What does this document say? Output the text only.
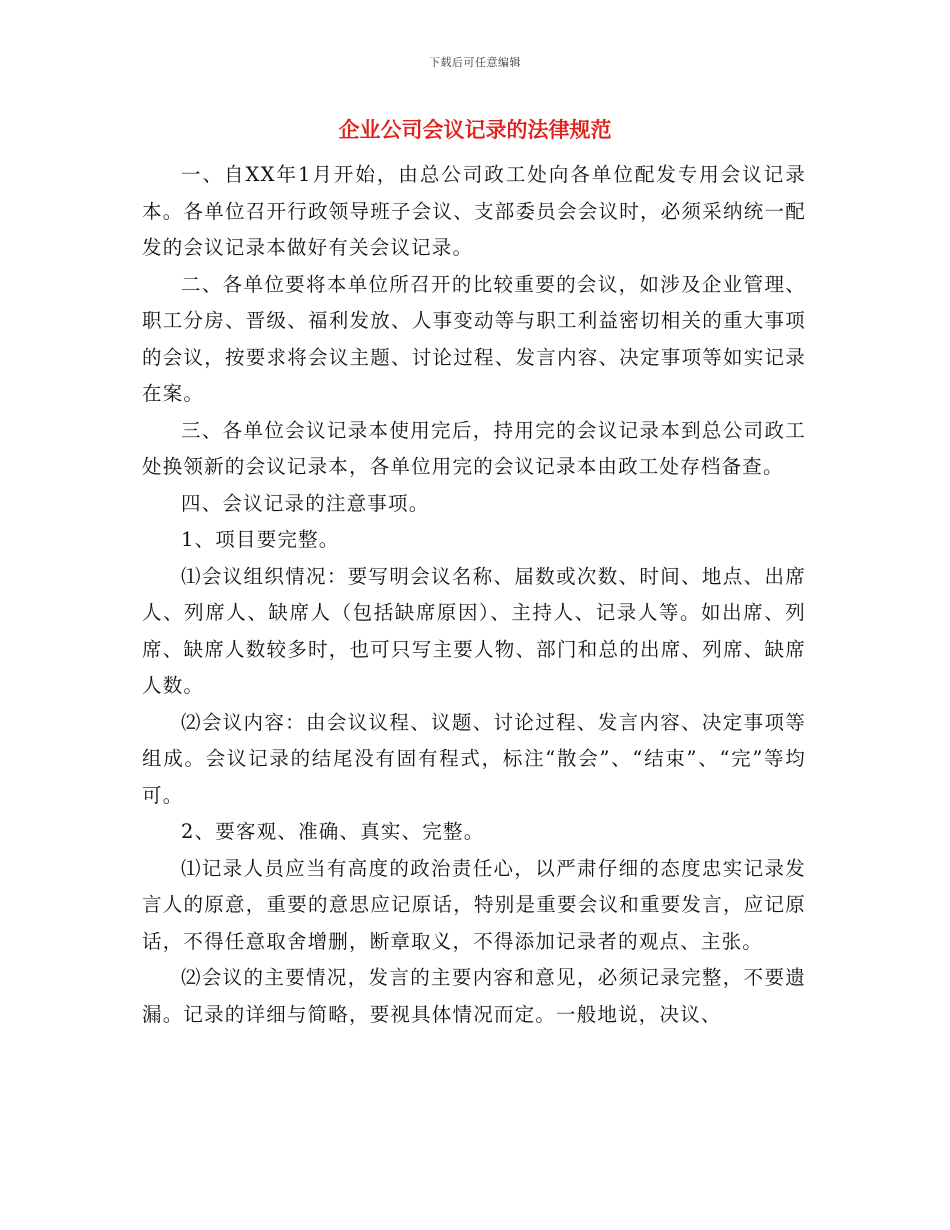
下载后可任意编辑
企业公司会议记录的法律规范

一、自XX年1月开始，由总公司政工处向各单位配发专用会议记录本。各单位召开行政领导班子会议、支部委员会会议时，必须采纳统一配发的会议记录本做好有关会议记录。

二、各单位要将本单位所召开的比较重要的会议，如涉及企业管理、职工分房、晋级、福利发放、人事变动等与职工利益密切相关的重大事项的会议，按要求将会议主题、讨论过程、发言内容、决定事项等如实记录在案。

三、各单位会议记录本使用完后，持用完的会议记录本到总公司政工处换领新的会议记录本，各单位用完的会议记录本由政工处存档备查。

四、会议记录的注意事项。

1、项目要完整。

⑴会议组织情况：要写明会议名称、届数或次数、时间、地点、出席人、列席人、缺席人（包括缺席原因）、主持人、记录人等。如出席、列席、缺席人数较多时，也可只写主要人物、部门和总的出席、列席、缺席人数。

⑵会议内容：由会议议程、议题、讨论过程、发言内容、决定事项等组成。会议记录的结尾没有固有程式，标注“散会”、“结束”、“完”等均可。

2、要客观、准确、真实、完整。

⑴记录人员应当有高度的政治责任心，以严肃仔细的态度忠实记录发言人的原意，重要的意思应记原话，特别是重要会议和重要发言，应记原话，不得任意取舍增删，断章取义，不得添加记录者的观点、主张。

⑵会议的主要情况，发言的主要内容和意见，必须记录完整，不要遗漏。记录的详细与简略，要视具体情况而定。一般地说，决议、
